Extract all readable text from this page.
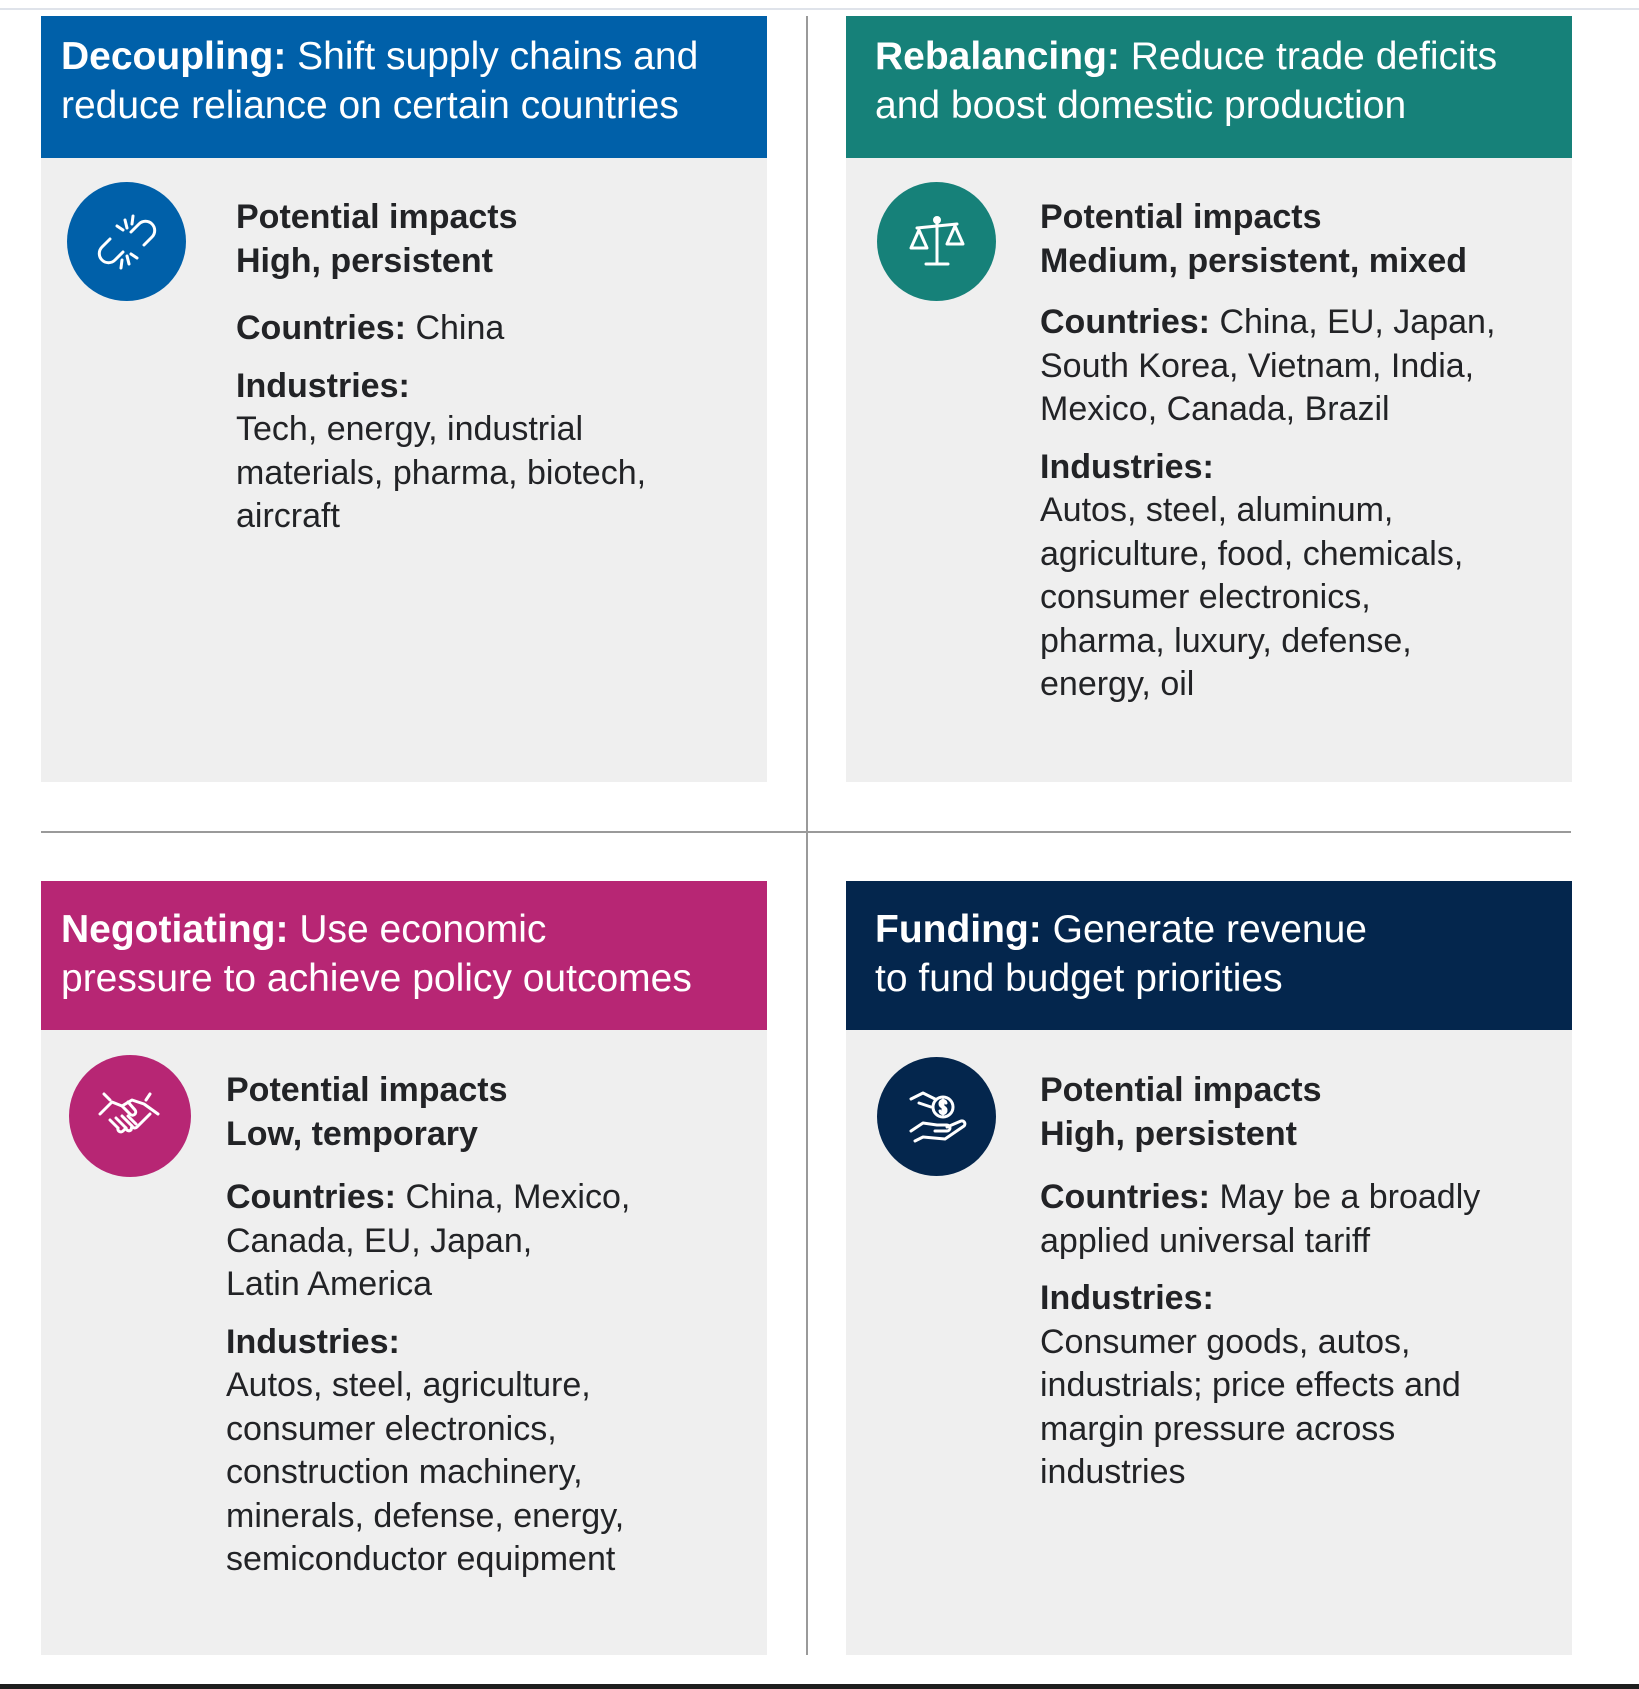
Decoupling: Shift supply chains and
reduce reliance on certain countries
Potential impacts
High, persistent
Countries: China
Industries:
Tech, energy, industrial
materials, pharma, biotech,
aircraft
Rebalancing: Reduce trade deficits
and boost domestic production
Potential impacts
Medium, persistent, mixed
Countries: China, EU, Japan,
South Korea, Vietnam, India,
Mexico, Canada, Brazil
Industries:
Autos, steel, aluminum,
agriculture, food, chemicals,
consumer electronics,
pharma, luxury, defense,
energy, oil
Negotiating: Use economic
pressure to achieve policy outcomes
Potential impacts
Low, temporary
Countries: China, Mexico,
Canada, EU, Japan,
Latin America
Industries:
Autos, steel, agriculture,
consumer electronics,
construction machinery,
minerals, defense, energy,
semiconductor equipment
Funding: Generate revenue
to fund budget priorities
Potential impacts
High, persistent
Countries: May be a broadly
applied universal tariff
Industries:
Consumer goods, autos,
industrials; price effects and
margin pressure across
industries
